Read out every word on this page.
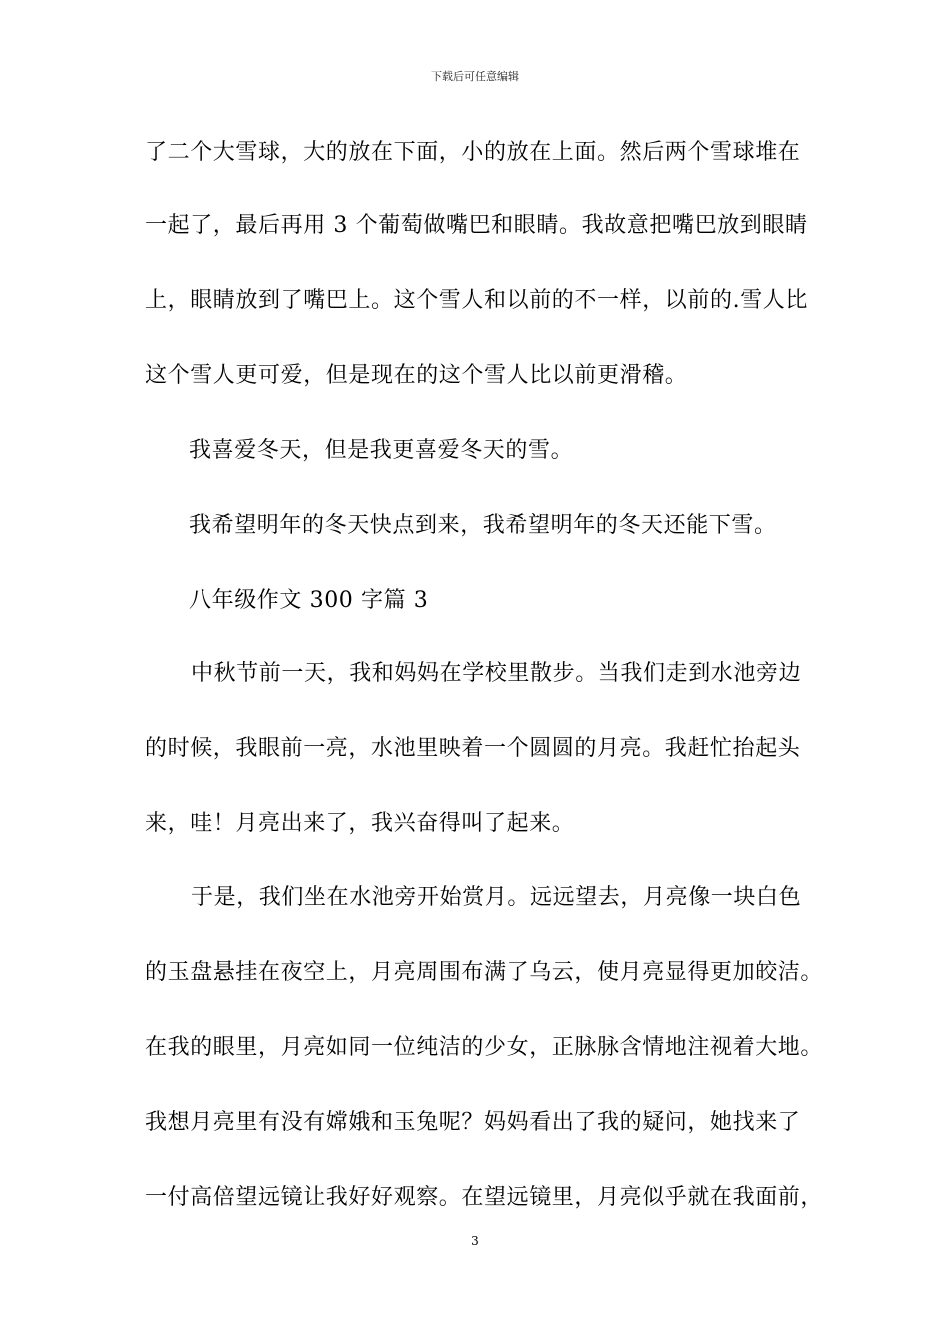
下载后可任意编辑
了二个大雪球，大的放在下面，小的放在上面。然后两个雪球堆在
一起了，最后再用 3 个葡萄做嘴巴和眼睛。我故意把嘴巴放到眼睛
上，眼睛放到了嘴巴上。这个雪人和以前的不一样，以前的.雪人比
这个雪人更可爱，但是现在的这个雪人比以前更滑稽。
我喜爱冬天，但是我更喜爱冬天的雪。
我希望明年的冬天快点到来，我希望明年的冬天还能下雪。
八年级作文 300 字篇 3
中秋节前一天，我和妈妈在学校里散步。当我们走到水池旁边
的时候，我眼前一亮，水池里映着一个圆圆的月亮。我赶忙抬起头
来，哇！月亮出来了，我兴奋得叫了起来。
于是，我们坐在水池旁开始赏月。远远望去，月亮像一块白色
的玉盘悬挂在夜空上，月亮周围布满了乌云，使月亮显得更加皎洁。
在我的眼里，月亮如同一位纯洁的少女，正脉脉含情地注视着大地。
我想月亮里有没有嫦娥和玉兔呢？妈妈看出了我的疑问，她找来了
一付高倍望远镜让我好好观察。在望远镜里，月亮似乎就在我面前，
3
